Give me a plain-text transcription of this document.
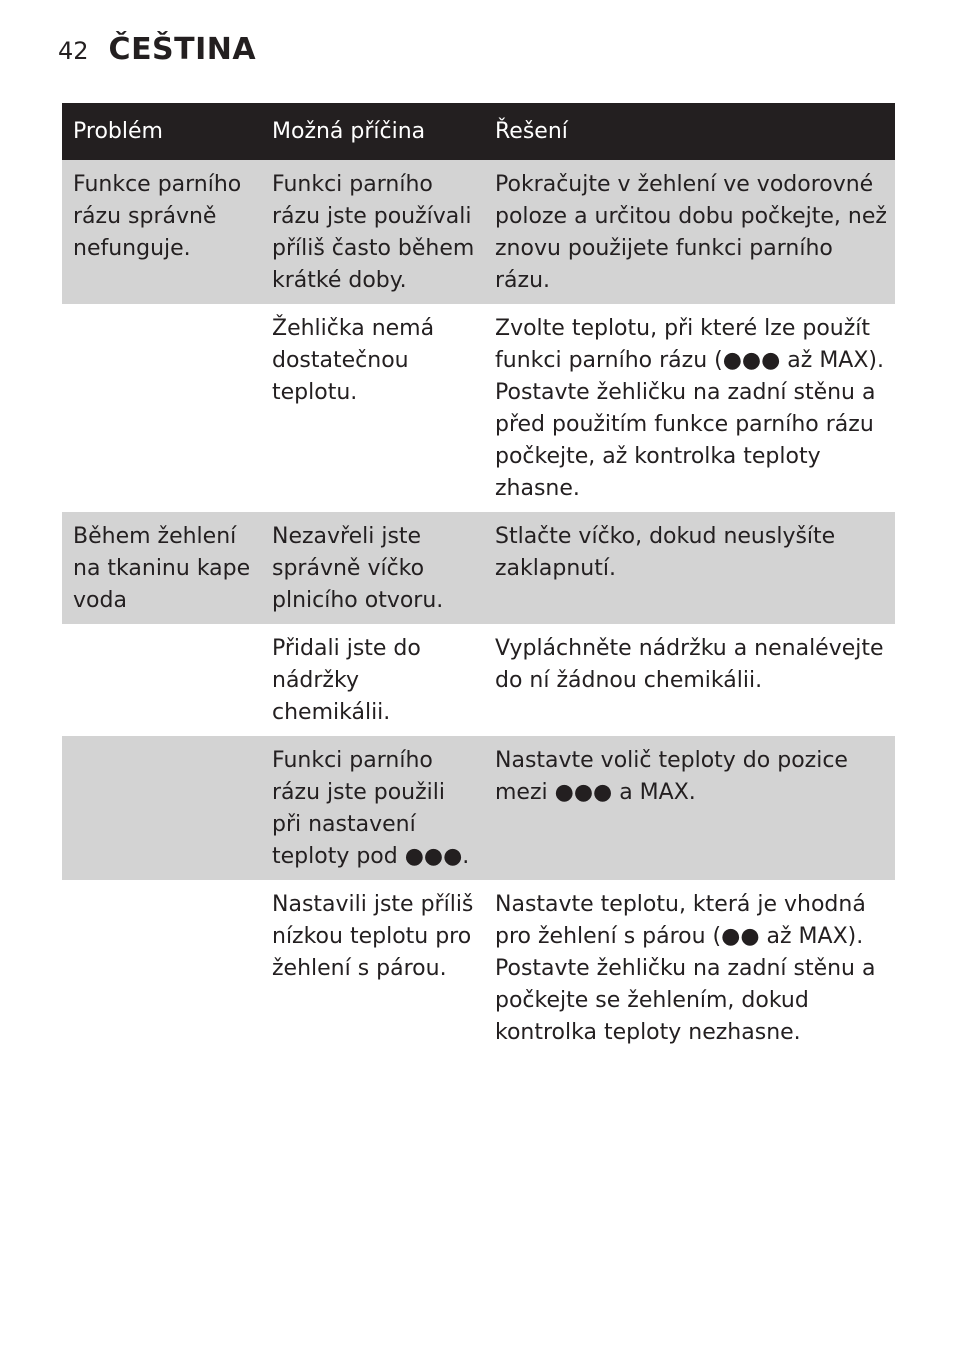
42 ČEŠTINA
Problém	Možná příčina	Řešení
Funkce parního rázu správně nefunguje.	Funkci parního rázu jste používali příliš často během krátké doby.	Pokračujte v žehlení ve vodorovné poloze a určitou dobu počkejte, než znovu použijete funkci parního rázu.
	Žehlička nemá dostatečnou teplotu.	Zvolte teplotu, při které lze použít funkci parního rázu (●●● až MAX). Postavte žehličku na zadní stěnu a před použitím funkce parního rázu počkejte, až kontrolka teploty zhasne.
Během žehlení na tkaninu kape voda	Nezavřeli jste správně víčko plnicího otvoru.	Stlačte víčko, dokud neuslyšíte zaklapnutí.
	Přidali jste do nádržky chemikálii.	Vypláchněte nádržku a nenalévejte do ní žádnou chemikálii.
	Funkci parního rázu jste použili při nastavení teploty pod ●●●.	Nastavte volič teploty do pozice mezi ●●● a MAX.
	Nastavili jste příliš nízkou teplotu pro žehlení s párou.	Nastavte teplotu, která je vhodná pro žehlení s párou (●● až MAX). Postavte žehličku na zadní stěnu a počkejte se žehlením, dokud kontrolka teploty nezhasne.
